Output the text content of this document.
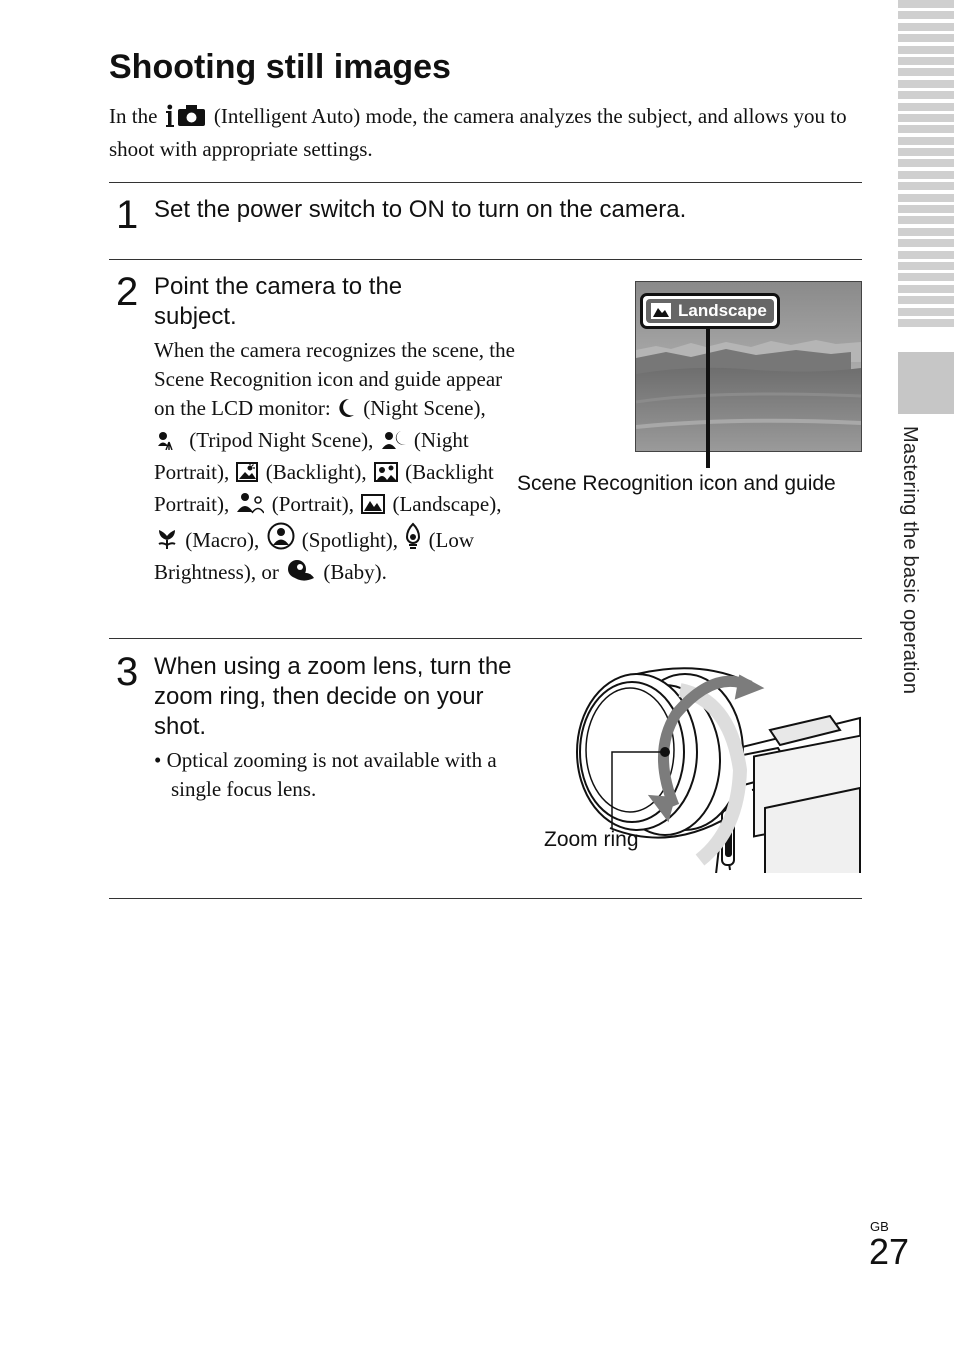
Mastering the basic operation
Shooting still images
In the  (Intelligent Auto) mode, the camera analyzes the subject, and allows you to shoot with appropriate settings.
1 Set the power switch to ON to turn on the camera.
2 Point the camera to the subject.
When the camera recognizes the scene, the Scene Recognition icon and guide appear on the LCD monitor:  (Night Scene),  (Tripod Night Scene),  (Night Portrait),  (Backlight),  (Backlight Portrait),  (Portrait),  (Landscape),  (Macro),  (Spotlight),  (Low Brightness), or  (Baby).
Landscape
Scene Recognition icon and guide
3 When using a zoom lens, turn the zoom ring, then decide on your shot.
• Optical zooming is not available with a single focus lens.
Zoom ring
GB
27
